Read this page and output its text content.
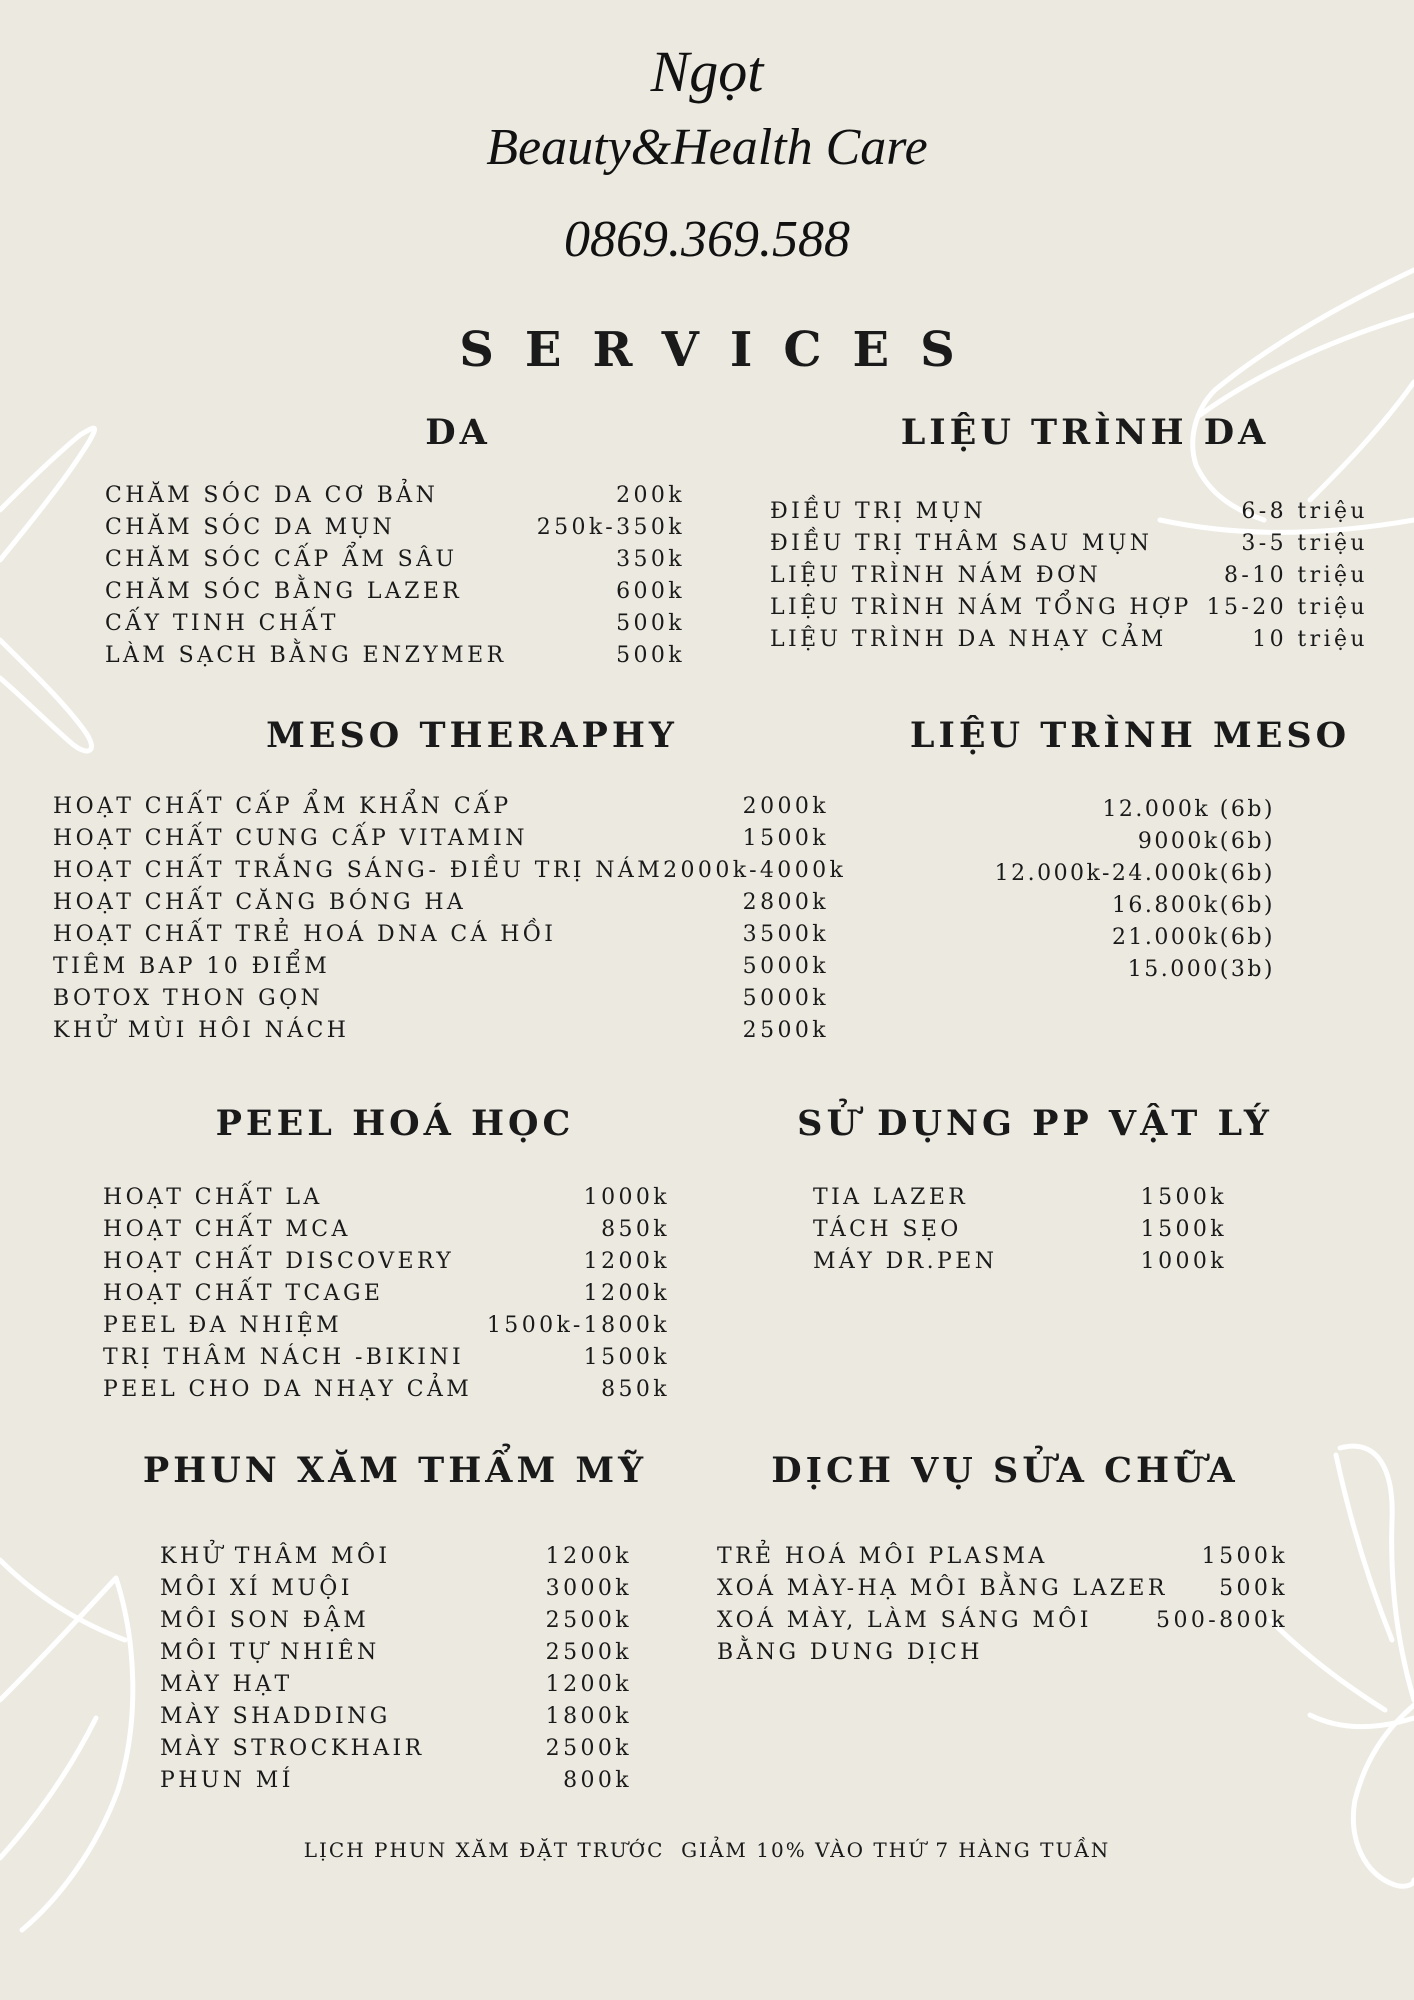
Ngọt
Beauty&Health Care
0869.369.588
SERVICES
DA
CHĂM SÓC DA CƠ BẢN	200k
CHĂM SÓC DA MỤN	250k-350k
CHĂM SÓC CẤP ẨM SÂU	350k
CHĂM SÓC BẰNG LAZER	600k
CẤY TINH CHẤT	500k
LÀM SẠCH BẰNG ENZYMER	500k
LIỆU TRÌNH DA
ĐIỀU TRỊ MỤN	6-8 triệu
ĐIỀU TRỊ THÂM SAU MỤN	3-5 triệu
LIỆU TRÌNH NÁM ĐƠN	8-10 triệu
LIỆU TRÌNH NÁM TỔNG HỢP 15-20 triệu
LIỆU TRÌNH DA NHẠY CẢM	10 triệu
MESO THERAPHY
HOẠT CHẤT CẤP ẨM KHẨN CẤP	2000k
HOẠT CHẤT CUNG CẤP VITAMIN	1500k
HOẠT CHẤT TRẮNG SÁNG- ĐIỀU TRỊ NÁM 2000k-4000k
HOẠT CHẤT CĂNG BÓNG HA	2800k
HOẠT CHẤT TRẺ HOÁ DNA CÁ HỒI	3500k
TIÊM BAP 10 ĐIỂM	5000k
BOTOX THON GỌN	5000k
KHỬ MÙI HÔI NÁCH	2500k
LIỆU TRÌNH MESO
12.000k (6b)
9000k(6b)
12.000k-24.000k(6b)
16.800k(6b)
21.000k(6b)
15.000(3b)
PEEL HOÁ HỌC
HOẠT CHẤT LA	1000k
HOẠT CHẤT MCA	850k
HOẠT CHẤT DISCOVERY	1200k
HOẠT CHẤT TCAGE	1200k
PEEL ĐA NHIỆM	1500k-1800k
TRỊ THÂM NÁCH -BIKINI	1500k
PEEL CHO DA NHẠY CẢM	850k
SỬ DỤNG PP VẬT LÝ
TIA LAZER	1500k
TÁCH SẸO	1500k
MÁY DR.PEN	1000k
PHUN XĂM THẨM MỸ
KHỬ THÂM MÔI	1200k
MÔI XÍ MUỘI	3000k
MÔI SON ĐẬM	2500k
MÔI TỰ NHIÊN	2500k
MÀY HẠT	1200k
MÀY SHADDING	1800k
MÀY STROCKHAIR	2500k
PHUN MÍ	800k
DỊCH VỤ SỬA CHỮA
TRẺ HOÁ MÔI PLASMA	1500k
XOÁ MÀY-HẠ MÔI BẰNG LAZER 500k
XOÁ MÀY, LÀM SÁNG MÔI	500-800k
BẰNG DUNG DỊCH
LỊCH PHUN XĂM ĐẶT TRƯỚC  GIẢM 10% VÀO THỨ 7 HÀNG TUẦN
